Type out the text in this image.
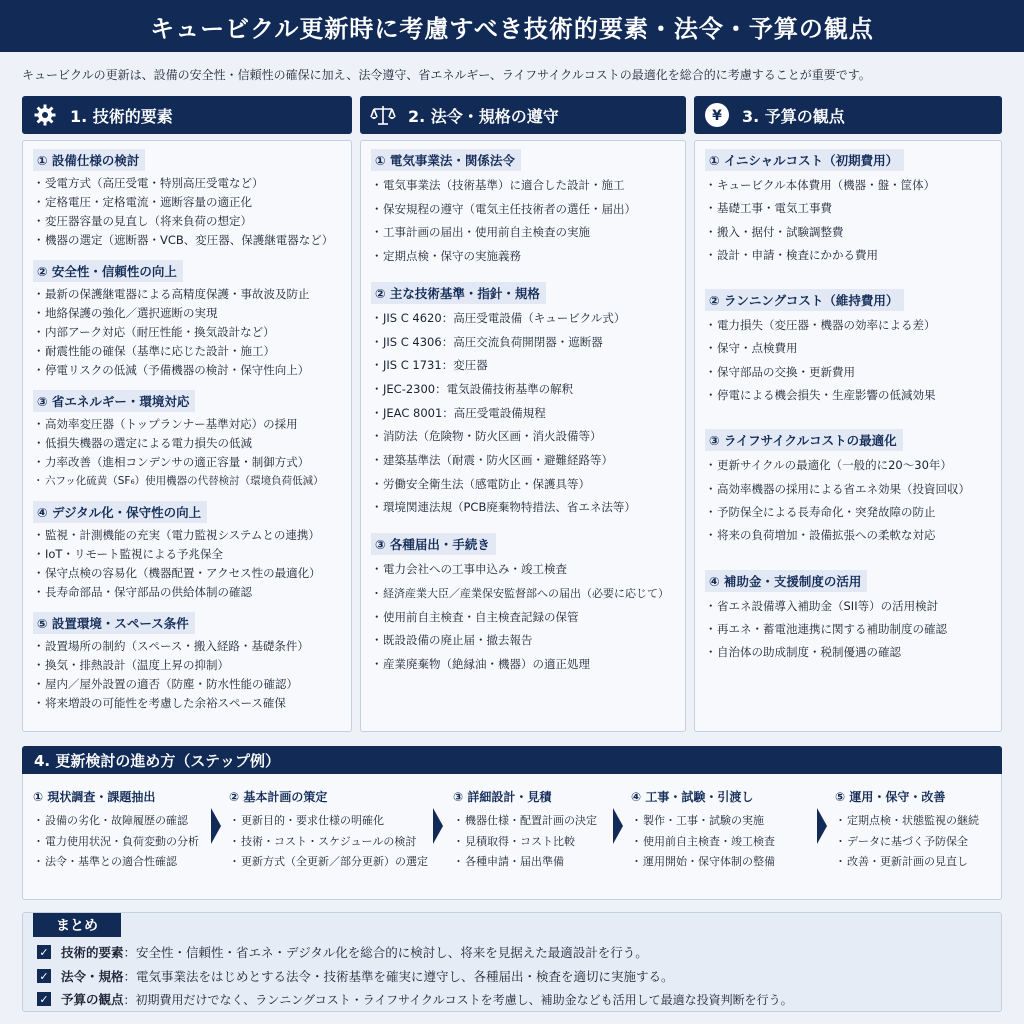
キュービクル更新時に考慮すべき技術的要素・法令・予算の観点
キュービクルの更新は、設備の安全性・信頼性の確保に加え、法令遵守、省エネルギー、ライフサイクルコストの最適化を総合的に考慮することが重要です。
1. 技術的要素
① 設備仕様の検討
・ 受電方式（高圧受電・特別高圧受電など）
・ 定格電圧・定格電流・遮断容量の適正化
・ 変圧器容量の見直し（将来負荷の想定）
・ 機器の選定（遮断器・VCB、変圧器、保護継電器など）
② 安全性・信頼性の向上
・ 最新の保護継電器による高精度保護・事故波及防止
・ 地絡保護の強化／選択遮断の実現
・ 内部アーク対応（耐圧性能・換気設計など）
・ 耐震性能の確保（基準に応じた設計・施工）
・ 停電リスクの低減（予備機器の検討・保守性向上）
③ 省エネルギー・環境対応
・ 高効率変圧器（トップランナー基準対応）の採用
・ 低損失機器の選定による電力損失の低減
・ 力率改善（進相コンデンサの適正容量・制御方式）
・ 六フッ化硫黄（SF₆）使用機器の代替検討（環境負荷低減）
④ デジタル化・保守性の向上
・ 監視・計測機能の充実（電力監視システムとの連携）
・ IoT・リモート監視による予兆保全
・ 保守点検の容易化（機器配置・アクセス性の最適化）
・ 長寿命部品・保守部品の供給体制の確認
⑤ 設置環境・スペース条件
・ 設置場所の制約（スペース・搬入経路・基礎条件）
・ 換気・排熱設計（温度上昇の抑制）
・ 屋内／屋外設置の適否（防塵・防水性能の確認）
・ 将来増設の可能性を考慮した余裕スペース確保
2. 法令・規格の遵守
① 電気事業法・関係法令
・ 電気事業法（技術基準）に適合した設計・施工
・ 保安規程の遵守（電気主任技術者の選任・届出）
・ 工事計画の届出・使用前自主検査の実施
・ 定期点検・保守の実施義務
② 主な技術基準・指針・規格
・ JIS C 4620：高圧受電設備（キュービクル式）
・ JIS C 4306：高圧交流負荷開閉器・遮断器
・ JIS C 1731：変圧器
・ JEC-2300：電気設備技術基準の解釈
・ JEAC 8001：高圧受電設備規程
・ 消防法（危険物・防火区画・消火設備等）
・ 建築基準法（耐震・防火区画・避難経路等）
・ 労働安全衛生法（感電防止・保護具等）
・ 環境関連法規（PCB廃棄物特措法、省エネ法等）
③ 各種届出・手続き
・ 電力会社への工事申込み・竣工検査
・ 経済産業大臣／産業保安監督部への届出（必要に応じて）
・ 使用前自主検査・自主検査記録の保管
・ 既設設備の廃止届・撤去報告
・ 産業廃棄物（絶縁油・機器）の適正処理
¥ 3. 予算の観点
① イニシャルコスト（初期費用）
・ キュービクル本体費用（機器・盤・筐体）
・ 基礎工事・電気工事費
・ 搬入・据付・試験調整費
・ 設計・申請・検査にかかる費用
② ランニングコスト（維持費用）
・ 電力損失（変圧器・機器の効率による差）
・ 保守・点検費用
・ 保守部品の交換・更新費用
・ 停電による機会損失・生産影響の低減効果
③ ライフサイクルコストの最適化
・ 更新サイクルの最適化（一般的に20〜30年）
・ 高効率機器の採用による省エネ効果（投資回収）
・ 予防保全による長寿命化・突発故障の防止
・ 将来の負荷増加・設備拡張への柔軟な対応
④ 補助金・支援制度の活用
・ 省エネ設備導入補助金（SII等）の活用検討
・ 再エネ・蓄電池連携に関する補助制度の確認
・ 自治体の助成制度・税制優遇の確認
4. 更新検討の進め方（ステップ例）
① 現状調査・課題抽出
・ 設備の劣化・故障履歴の確認
・ 電力使用状況・負荷変動の分析
・ 法令・基準との適合性確認
② 基本計画の策定
・ 更新目的・要求仕様の明確化
・ 技術・コスト・スケジュールの検討
・ 更新方式（全更新／部分更新）の選定
③ 詳細設計・見積
・ 機器仕様・配置計画の決定
・ 見積取得・コスト比較
・ 各種申請・届出準備
④ 工事・試験・引渡し
・ 製作・工事・試験の実施
・ 使用前自主検査・竣工検査
・ 運用開始・保守体制の整備
⑤ 運用・保守・改善
・ 定期点検・状態監視の継続
・ データに基づく予防保全
・ 改善・更新計画の見直し
まとめ
✓ 技術的要素 ：安全性・信頼性・省エネ・デジタル化を総合的に検討し、将来を見据えた最適設計を行う。
✓ 法令・規格 ：電気事業法をはじめとする法令・技術基準を確実に遵守し、各種届出・検査を適切に実施する。
✓ 予算の観点 ：初期費用だけでなく、ランニングコスト・ライフサイクルコストを考慮し、補助金なども活用して最適な投資判断を行う。
